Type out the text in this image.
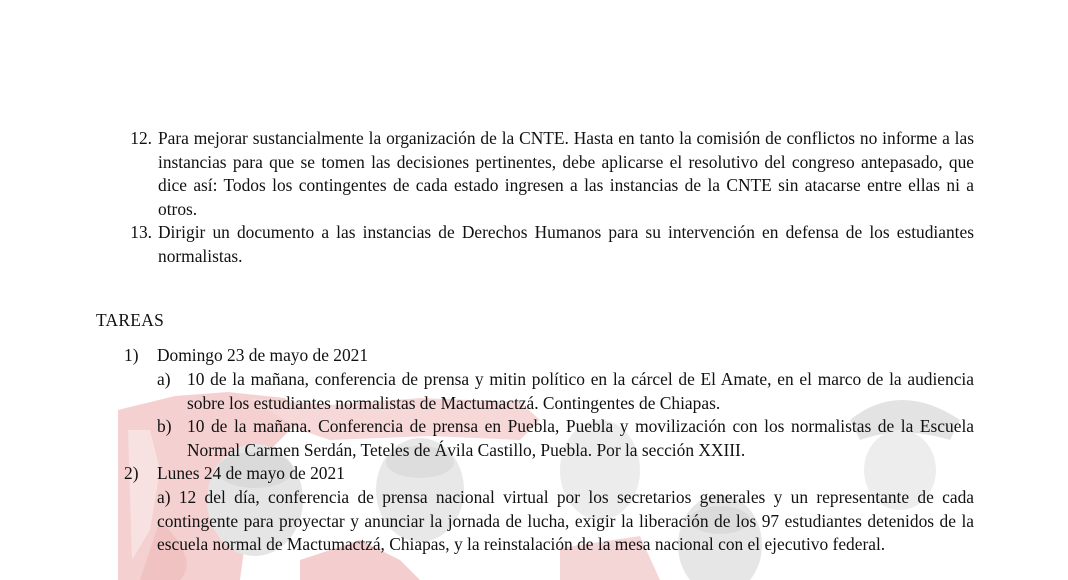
12. Para mejorar sustancialmente la organización de la CNTE. Hasta en tanto la comisión de conflictos no informe a las instancias para que se tomen las decisiones pertinentes, debe aplicarse el resolutivo del congreso antepasado, que dice así: Todos los contingentes de cada estado ingresen a las instancias de la CNTE sin atacarse entre ellas ni a otros.
13. Dirigir un documento a las instancias de Derechos Humanos para su intervención en defensa de los estudiantes normalistas.
TAREAS
1) Domingo 23 de mayo de 2021
a) 10 de la mañana, conferencia de prensa y mitin político en la cárcel de El Amate, en el marco de la audiencia sobre los estudiantes normalistas de Mactumactzá. Contingentes de Chiapas.
b) 10 de la mañana. Conferencia de prensa en Puebla, Puebla y movilización con los normalistas de la Escuela Normal Carmen Serdán, Teteles de Ávila Castillo, Puebla. Por la sección XXIII.
2) Lunes 24 de mayo de 2021
a) 12 del día, conferencia de prensa nacional virtual por los secretarios generales y un representante de cada contingente para proyectar y anunciar la jornada de lucha, exigir la liberación de los 97 estudiantes detenidos de la escuela normal de Mactumactzá, Chiapas, y la reinstalación de la mesa nacional con el ejecutivo federal.
